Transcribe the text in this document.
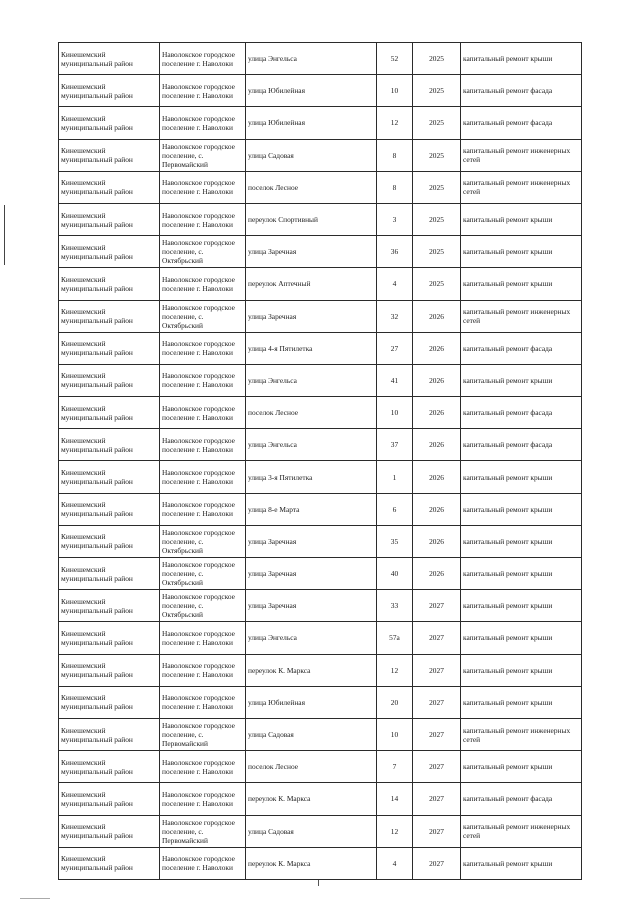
Кинешемский муниципальный район	Наволокское городское поселение г. Наволоки	улица Энгельса	52	2025	капитальный ремонт крыши
Кинешемский муниципальный район	Наволокское городское поселение г. Наволоки	улица Юбилейная	10	2025	капитальный ремонт фасада
Кинешемский муниципальный район	Наволокское городское поселение г. Наволоки	улица Юбилейная	12	2025	капитальный ремонт фасада
Кинешемский муниципальный район	Наволокское городское поселение, с. Первомайский	улица Садовая	8	2025	капитальный ремонт инженерных сетей
Кинешемский муниципальный район	Наволокское городское поселение г. Наволоки	поселок Лесное	8	2025	капитальный ремонт инженерных сетей
Кинешемский муниципальный район	Наволокское городское поселение г. Наволоки	переулок Спортивный	3	2025	капитальный ремонт крыши
Кинешемский муниципальный район	Наволокское городское поселение, с. Октябрьский	улица Заречная	36	2025	капитальный ремонт крыши
Кинешемский муниципальный район	Наволокское городское поселение г. Наволоки	переулок Аптечный	4	2025	капитальный ремонт крыши
Кинешемский муниципальный район	Наволокское городское поселение, с. Октябрьский	улица Заречная	32	2026	капитальный ремонт инженерных сетей
Кинешемский муниципальный район	Наволокское городское поселение г. Наволоки	улица 4-я Пятилетка	27	2026	капитальный ремонт фасада
Кинешемский муниципальный район	Наволокское городское поселение г. Наволоки	улица Энгельса	41	2026	капитальный ремонт крыши
Кинешемский муниципальный район	Наволокское городское поселение г. Наволоки	поселок Лесное	10	2026	капитальный ремонт фасада
Кинешемский муниципальный район	Наволокское городское поселение г. Наволоки	улица Энгельса	37	2026	капитальный ремонт фасада
Кинешемский муниципальный район	Наволокское городское поселение г. Наволоки	улица 3-я Пятилетка	1	2026	капитальный ремонт крыши
Кинешемский муниципальный район	Наволокское городское поселение г. Наволоки	улица 8-е Марта	6	2026	капитальный ремонт крыши
Кинешемский муниципальный район	Наволокское городское поселение, с. Октябрьский	улица Заречная	35	2026	капитальный ремонт крыши
Кинешемский муниципальный район	Наволокское городское поселение, с. Октябрьский	улица Заречная	40	2026	капитальный ремонт крыши
Кинешемский муниципальный район	Наволокское городское поселение, с. Октябрьский	улица Заречная	33	2027	капитальный ремонт крыши
Кинешемский муниципальный район	Наволокское городское поселение г. Наволоки	улица Энгельса	57а	2027	капитальный ремонт крыши
Кинешемский муниципальный район	Наволокское городское поселение г. Наволоки	переулок К. Маркса	12	2027	капитальный ремонт крыши
Кинешемский муниципальный район	Наволокское городское поселение г. Наволоки	улица Юбилейная	20	2027	капитальный ремонт крыши
Кинешемский муниципальный район	Наволокское городское поселение, с. Первомайский	улица Садовая	10	2027	капитальный ремонт инженерных сетей
Кинешемский муниципальный район	Наволокское городское поселение г. Наволоки	поселок Лесное	7	2027	капитальный ремонт крыши
Кинешемский муниципальный район	Наволокское городское поселение г. Наволоки	переулок К. Маркса	14	2027	капитальный ремонт фасада
Кинешемский муниципальный район	Наволокское городское поселение, с. Первомайский	улица Садовая	12	2027	капитальный ремонт инженерных сетей
Кинешемский муниципальный район	Наволокское городское поселение г. Наволоки	переулок К. Маркса	4	2027	капитальный ремонт крыши
